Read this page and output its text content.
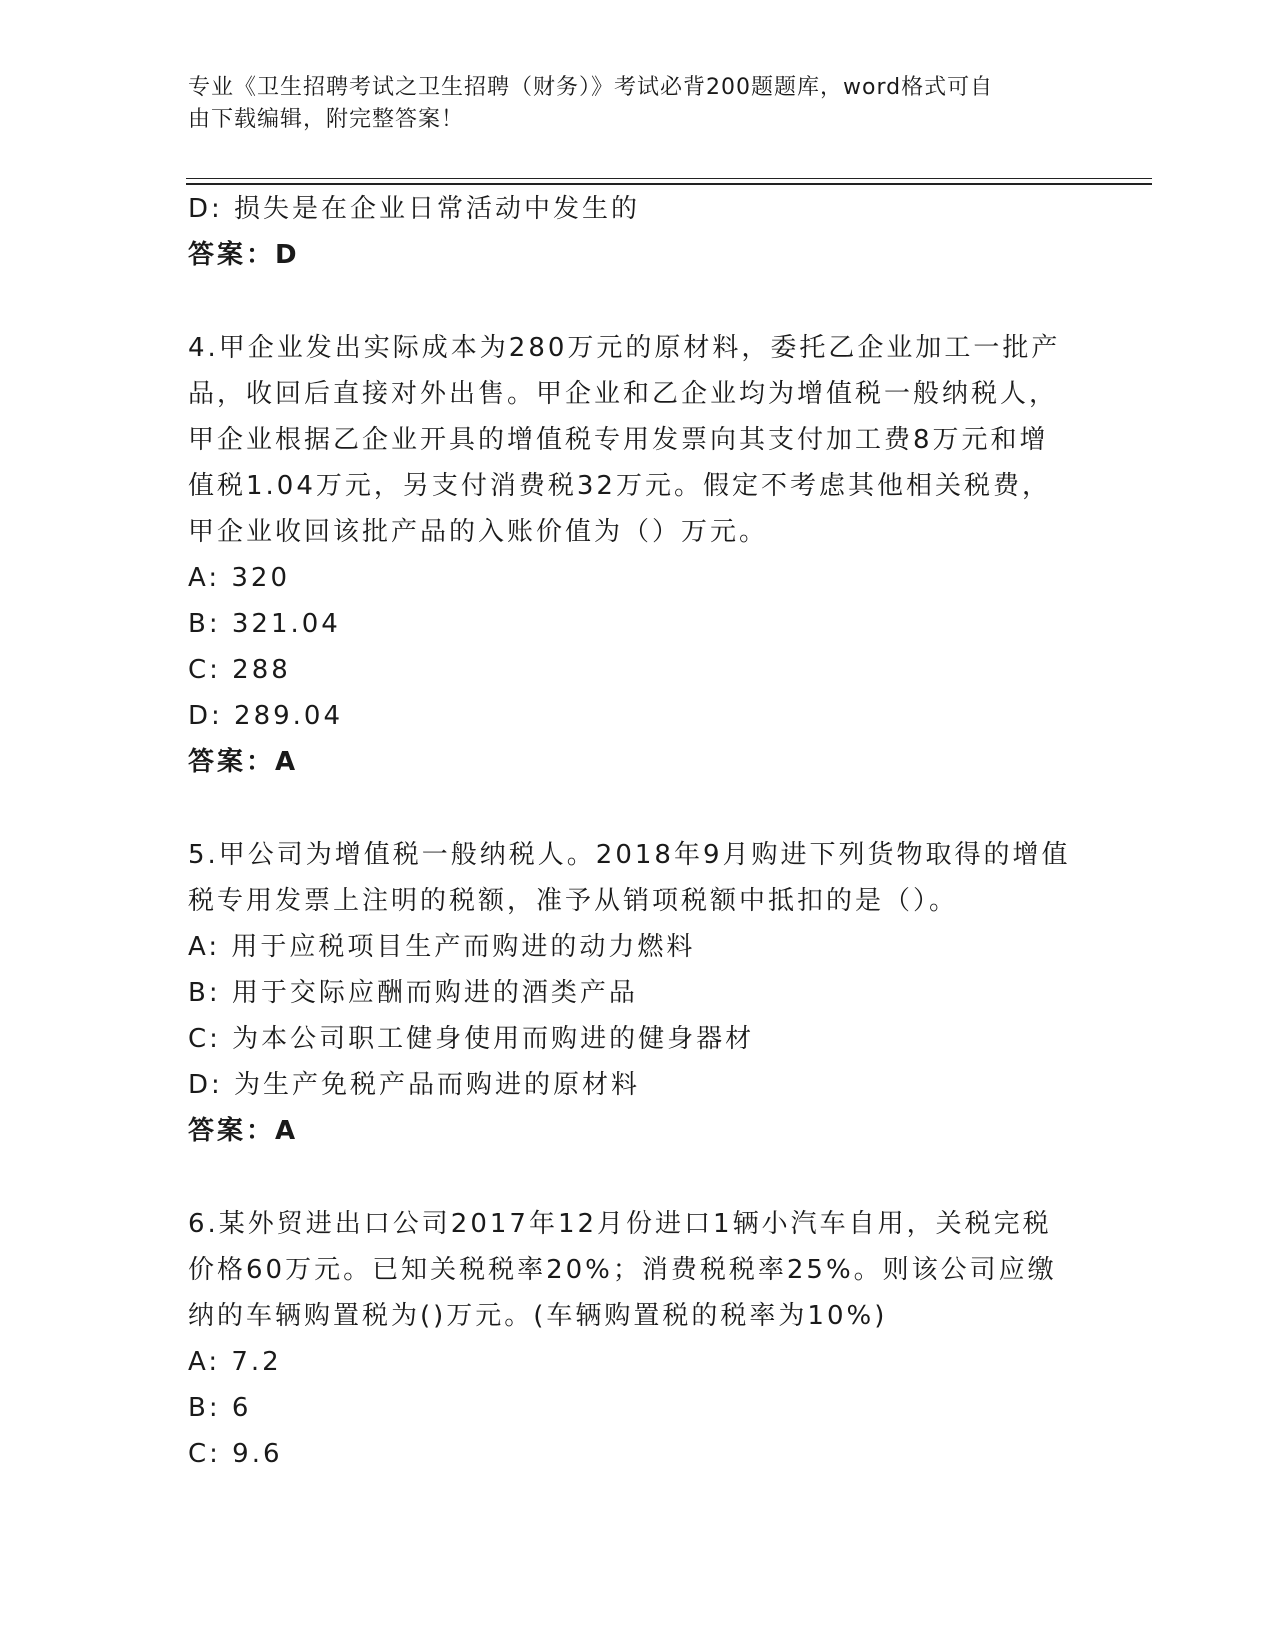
专业《卫生招聘考试之卫生招聘（财务）》考试必背200题题库，word格式可自
由下载编辑，附完整答案！
D: 损失是在企业日常活动中发生的
答案：D
4.甲企业发出实际成本为280万元的原材料，委托乙企业加工一批产
品，收回后直接对外出售。甲企业和乙企业均为增值税一般纳税人，
甲企业根据乙企业开具的增值税专用发票向其支付加工费8万元和增
值税1.04万元，另支付消费税32万元。假定不考虑其他相关税费，
甲企业收回该批产品的入账价值为（）万元。
A: 320
B: 321.04
C: 288
D: 289.04
答案：A
5.甲公司为增值税一般纳税人。2018年9月购进下列货物取得的增值
税专用发票上注明的税额，准予从销项税额中抵扣的是（）。
A: 用于应税项目生产而购进的动力燃料
B: 用于交际应酬而购进的酒类产品
C: 为本公司职工健身使用而购进的健身器材
D: 为生产免税产品而购进的原材料
答案：A
6.某外贸进出口公司2017年12月份进口1辆小汽车自用，关税完税
价格60万元。已知关税税率20%；消费税税率25%。则该公司应缴
纳的车辆购置税为()万元。(车辆购置税的税率为10%)
A: 7.2
B: 6
C: 9.6
